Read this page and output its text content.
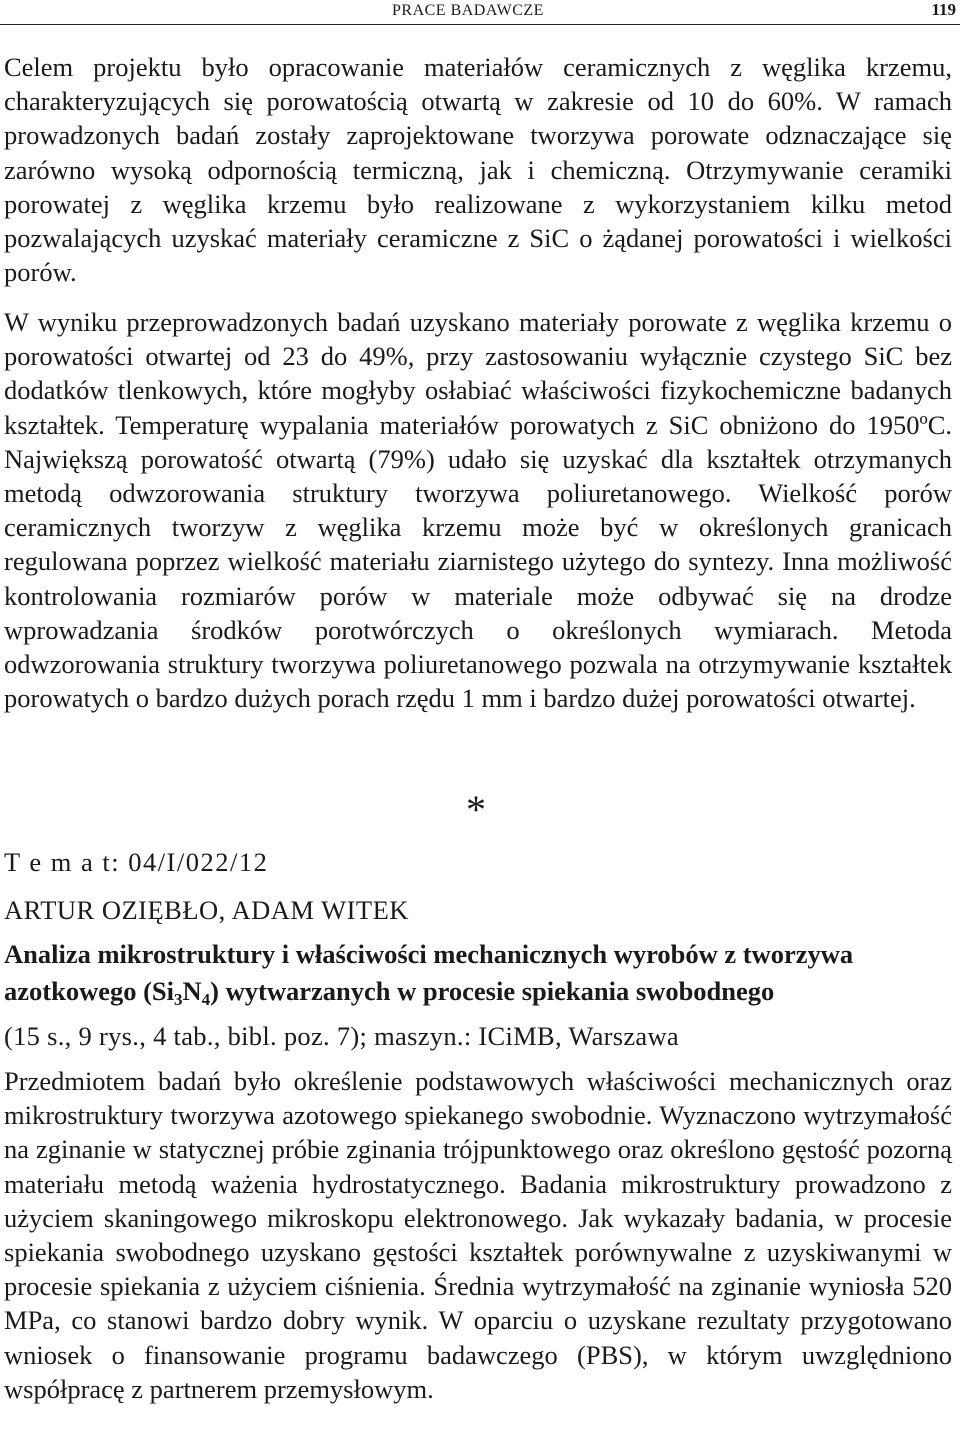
PRACE BADAWCZE	119

Celem projektu było opracowanie materiałów ceramicznych z węglika krzemu, charakteryzujących się porowatością otwartą w zakresie od 10 do 60%. W ramach prowadzonych badań zostały zaprojektowane tworzywa porowate odznaczające się zarówno wysoką odpornością termiczną, jak i chemiczną. Otrzymywanie ceramiki porowatej z węglika krzemu było realizowane z wykorzystaniem kilku metod pozwalających uzyskać materiały ceramiczne z SiC o żądanej porowatości i wielkości porów.

W wyniku przeprowadzonych badań uzyskano materiały porowate z węglika krzemu o porowatości otwartej od 23 do 49%, przy zastosowaniu wyłącznie czystego SiC bez dodatków tlenkowych, które mogłyby osłabiać właściwości fizykochemiczne badanych kształtek. Temperaturę wypalania materiałów porowatych z SiC obniżono do 1950ºC. Największą porowatość otwartą (79%) udało się uzyskać dla kształtek otrzymanych metodą odwzorowania struktury tworzywa poliuretanowego. Wielkość porów ceramicznych tworzyw z węglika krzemu może być w określonych granicach regulowana poprzez wielkość materiału ziarnistego użytego do syntezy. Inna możliwość kontrolowania rozmiarów porów w materiale może odbywać się na drodze wprowadzania środków porotwórczych o określonych wymiarach. Metoda odwzorowania struktury tworzywa poliuretanowego pozwala na otrzymywanie kształtek porowatych o bardzo dużych porach rzędu 1 mm i bardzo dużej porowatości otwartej.

*
T e m a t: 04/I/022/12
ARTUR OZIĘBŁO, ADAM WITEK

Analiza mikrostruktury i właściwości mechanicznych wyrobów z tworzywa azotkowego $(Si_3N_4)$ wytwarzanych w procesie spiekania swobodnego

(15 s., 9 rys., 4 tab., bibl. poz. 7); maszyn.: ICiMB, Warszawa

Przedmiotem badań było określenie podstawowych właściwości mechanicznych oraz mikrostruktury tworzywa azotowego spiekanego swobodnie. Wyznaczono wytrzymałość na zginanie w statycznej próbie zginania trójpunktowego oraz określono gęstość pozorną materiału metodą ważenia hydrostatycznego. Badania mikrostruktury prowadzono z użyciem skaningowego mikroskopu elektronowego. Jak wykazały badania, w procesie spiekania swobodnego uzyskano gęstości kształtek porównywalne z uzyskiwanymi w procesie spiekania z użyciem ciśnienia. Średnia wytrzymałość na zginanie wyniosła 520 MPa, co stanowi bardzo dobry wynik. W oparciu o uzyskane rezultaty przygotowano wniosek o finansowanie programu badawczego (PBS), w którym uwzględniono współpracę z partnerem przemysłowym.
